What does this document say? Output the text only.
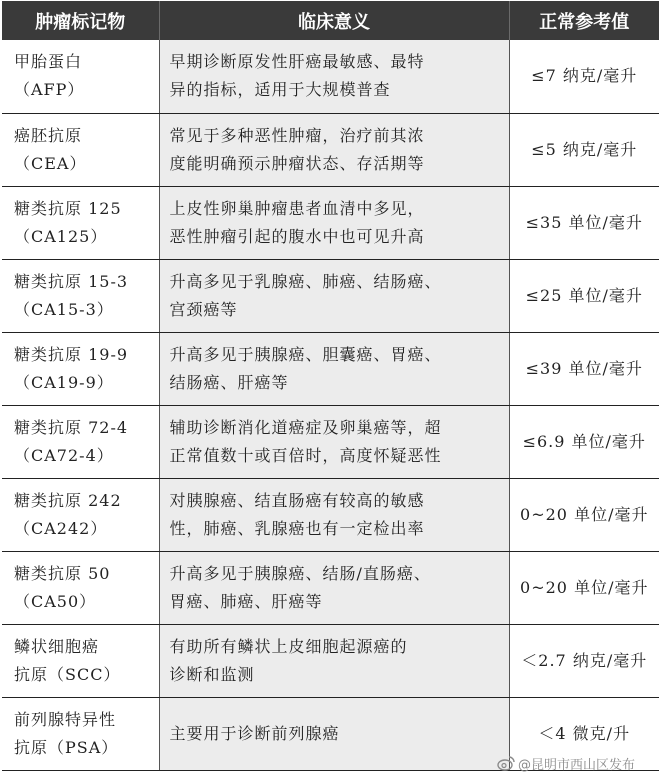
肿瘤标记物	临床意义	正常参考值
甲胎蛋白
（AFP）	早期诊断原发性肝癌最敏感、最特
异的指标，适用于大规模普查	≤7 纳克/毫升
癌胚抗原
（CEA）	常见于多种恶性肿瘤，治疗前其浓
度能明确预示肿瘤状态、存活期等	≤5 纳克/毫升
糖类抗原 125
（CA125）	上皮性卵巢肿瘤患者血清中多见，
恶性肿瘤引起的腹水中也可见升高	≤35 单位/毫升
糖类抗原 15-3
（CA15-3）	升高多见于乳腺癌、肺癌、结肠癌、
宫颈癌等	≤25 单位/毫升
糖类抗原 19-9
（CA19-9）	升高多见于胰腺癌、胆囊癌、胃癌、
结肠癌、肝癌等	≤39 单位/毫升
糖类抗原 72-4
（CA72-4）	辅助诊断消化道癌症及卵巢癌等，超
正常值数十或百倍时，高度怀疑恶性	≤6.9 单位/毫升
糖类抗原 242
（CA242）	对胰腺癌、结直肠癌有较高的敏感
性，肺癌、乳腺癌也有一定检出率	0~20 单位/毫升
糖类抗原 50
（CA50）	升高多见于胰腺癌、结肠/直肠癌、
胃癌、肺癌、肝癌等	0~20 单位/毫升
鳞状细胞癌
抗原（SCC）	有助所有鳞状上皮细胞起源癌的
诊断和监测	＜2.7 纳克/毫升
前列腺特异性
抗原（PSA）	主要用于诊断前列腺癌	＜4 微克/升
@昆明市西山区发布
